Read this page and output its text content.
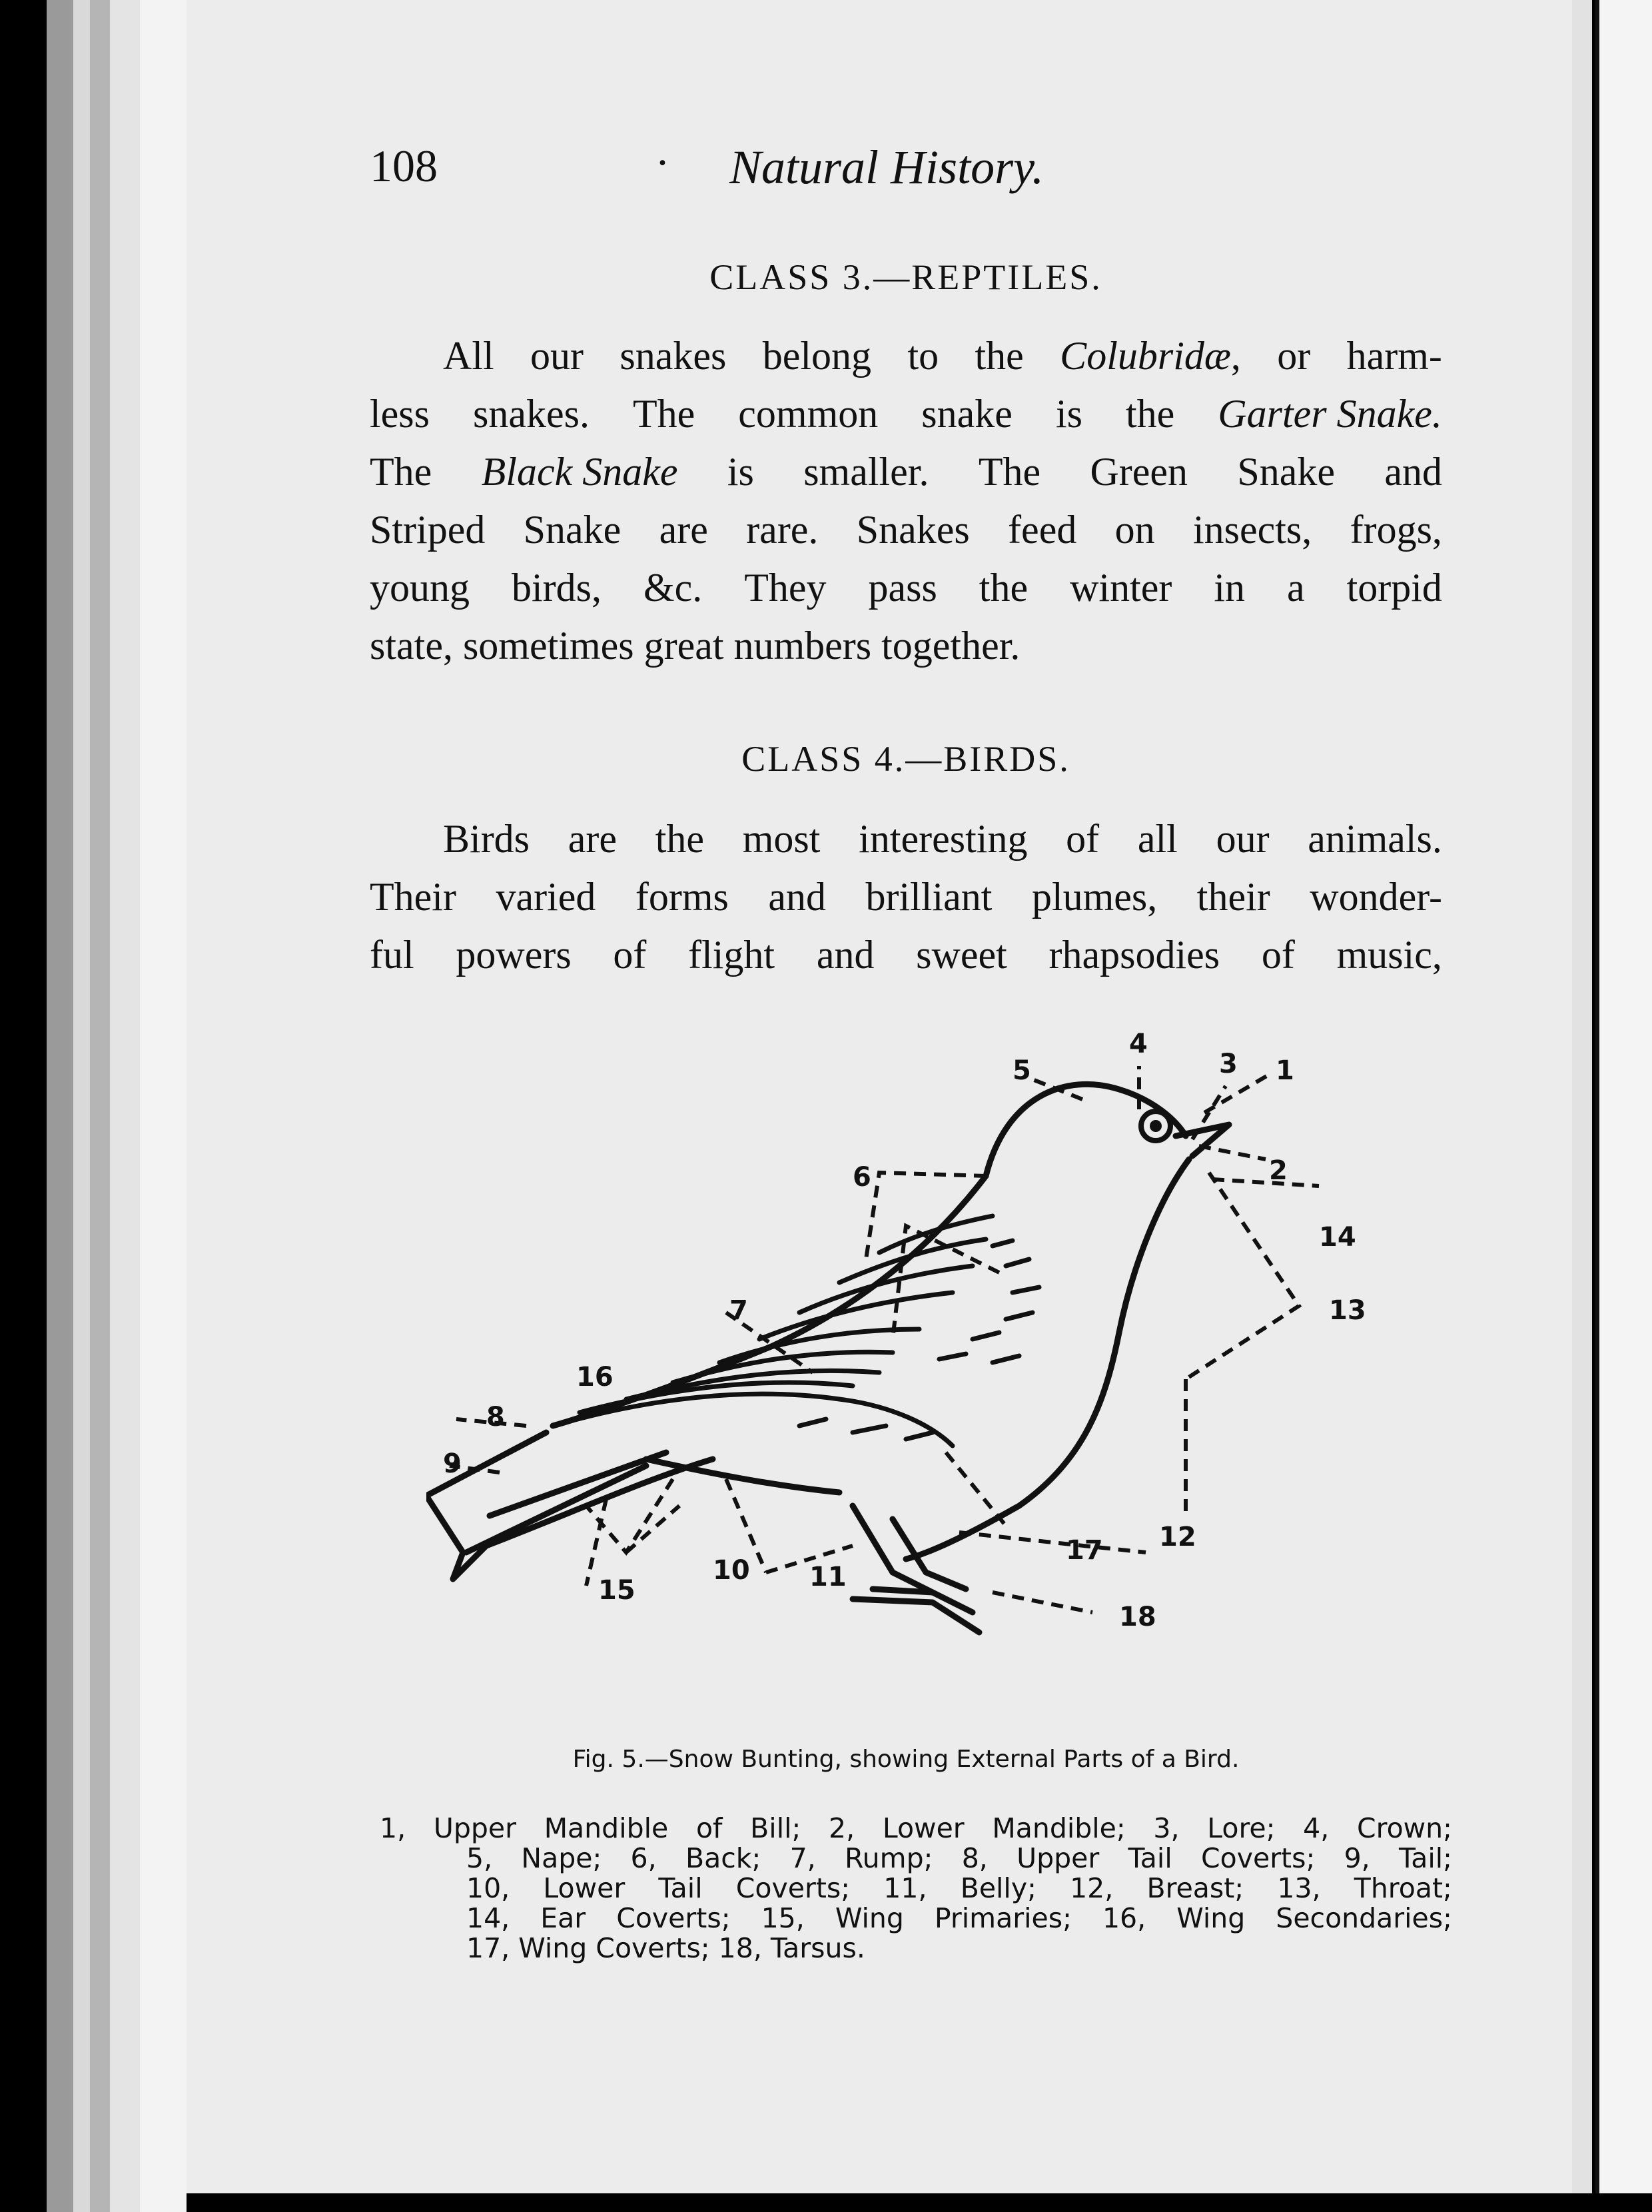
108	· Natural History.
CLASS 3.—REPTILES.
All our snakes belong to the Colubridæ, or harm-
less snakes. The common snake is the Garter Snake.
The Black Snake is smaller. The Green Snake and
Striped Snake are rare. Snakes feed on insects, frogs,
young birds, &c. They pass the winter in a torpid
state, sometimes great numbers together.
CLASS 4.—BIRDS.
Birds are the most interesting of all our animals.
Their varied forms and brilliant plumes, their wonder-
ful powers of flight and sweet rhapsodies of music,
1
2
3
4
5
6
7
8
9
10 11
12
13
14
15
16
17
18
Fig. 5.—Snow Bunting, showing External Parts of a Bird.
1, Upper Mandible of Bill; 2, Lower Mandible; 3, Lore; 4, Crown;
5, Nape; 6, Back; 7, Rump; 8, Upper Tail Coverts; 9, Tail;
10, Lower Tail Coverts; 11, Belly; 12, Breast; 13, Throat;
14, Ear Coverts; 15, Wing Primaries; 16, Wing Secondaries;
17, Wing Coverts; 18, Tarsus.
